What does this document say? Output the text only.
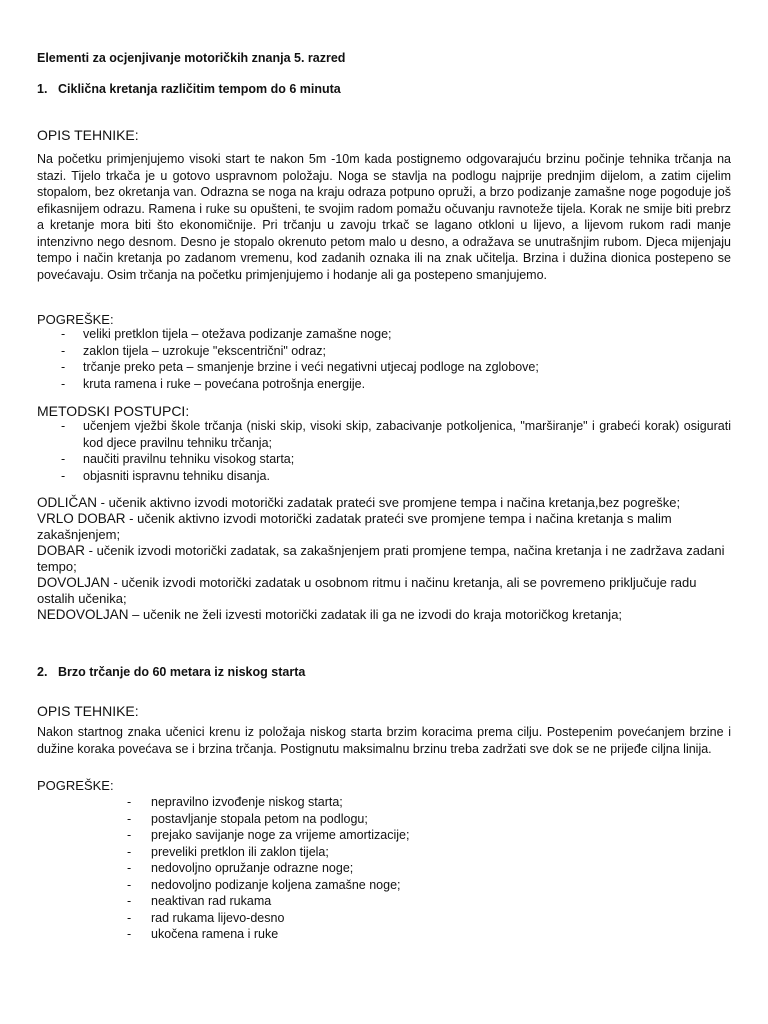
Elementi za ocjenjivanje motoričkih znanja 5. razred
1. Ciklična kretanja različitim tempom do 6 minuta
OPIS TEHNIKE:

Na početku primjenjujemo visoki start te nakon 5m -10m kada postignemo odgovarajuću brzinu počinje tehnika trčanja na stazi. Tijelo trkača je u gotovo uspravnom položaju. Noga se stavlja na podlogu najprije prednjim dijelom, a zatim cijelim stopalom, bez okretanja van. Odrazna se noga na kraju odraza potpuno opruži, a brzo podizanje zamašne noge pogoduje još efikasnijem odrazu. Ramena i ruke su opušteni, te svojim radom pomažu očuvanju ravnoteže tijela. Korak ne smije biti prebrz a kretanje mora biti što ekonomičnije. Pri trčanju u zavoju trkač se lagano otkloni u lijevo, a lijevom rukom radi manje intenzivno nego desnom. Desno je stopalo okrenuto petom malo u desno, a odražava se unutrašnjim rubom. Djeca mijenjaju tempo i način kretanja po zadanom vremenu, kod zadanih oznaka ili na znak učitelja. Brzina i dužina dionica postepeno se povećavaju. Osim trčanja na početku primjenjujemo i hodanje ali ga postepeno smanjujemo.

POGREŠKE:
- veliki pretklon tijela – otežava podizanje zamašne noge;
- zaklon tijela – uzrokuje "ekscentrični" odraz;
- trčanje preko peta – smanjenje brzine i veći negativni utjecaj podloge na zglobove;
- kruta ramena i ruke – povećana potrošnja energije.
METODSKI POSTUPCI:
- učenjem vježbi škole trčanja (niski skip, visoki skip, zabacivanje potkoljenica, "marširanje" i grabeći korak) osigurati kod djece pravilnu tehniku trčanja;
- naučiti pravilnu tehniku visokog starta;
- objasniti ispravnu tehniku disanja.
ODLIČAN - učenik aktivno izvodi motorički zadatak prateći sve promjene tempa i načina kretanja,bez pogreške;
VRLO DOBAR - učenik aktivno izvodi motorički zadatak prateći sve promjene tempa i načina kretanja s malim zakašnjenjem;
DOBAR - učenik izvodi motorički zadatak, sa zakašnjenjem prati promjene tempa, načina kretanja i ne zadržava zadani tempo;
DOVOLJAN - učenik izvodi motorički zadatak u osobnom ritmu i načinu kretanja, ali se povremeno priključuje radu ostalih učenika;
NEDOVOLJAN – učenik ne želi izvesti motorički zadatak ili ga ne izvodi do kraja motoričkog kretanja;
2. Brzo trčanje do 60 metara iz niskog starta
OPIS TEHNIKE:

Nakon startnog znaka učenici krenu iz položaja niskog starta brzim koracima prema cilju. Postepenim povećanjem brzine i dužine koraka povećava se i brzina trčanja. Postignutu maksimalnu brzinu treba zadržati sve dok se ne prijeđe ciljna linija.

POGREŠKE:
- nepravilno izvođenje niskog starta;
- postavljanje stopala petom na podlogu;
- prejako savijanje noge za vrijeme amortizacije;
- preveliki pretklon ili zaklon tijela;
- nedovoljno opružanje odrazne noge;
- nedovoljno podizanje koljena zamašne noge;
- neaktivan rad rukama
- rad rukama lijevo-desno
- ukočena ramena i ruke
